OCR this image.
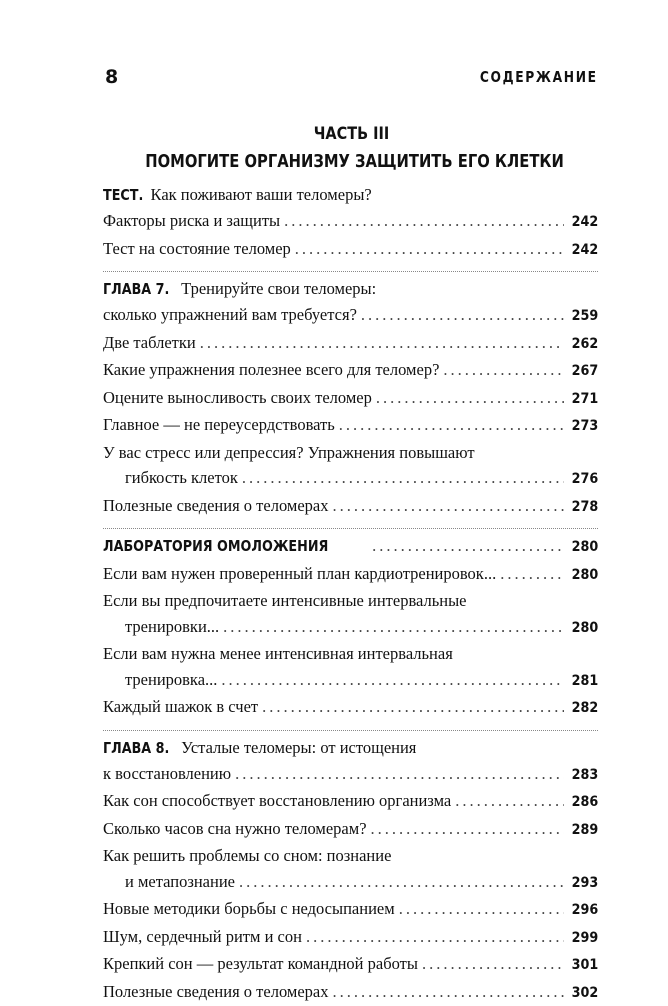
8	СОДЕРЖАНИЕ
ЧАСТЬ III
ПОМОГИТЕ ОРГАНИЗМУ ЗАЩИТИТЬ ЕГО КЛЕТКИ
ТЕСТ. Как поживают ваши теломеры?
Факторы риска и защиты .....	242
Тест на состояние теломер .....	242
ГЛАВА 7. Тренируйте свои теломеры:
сколько упражнений вам требуется? .....	259
Две таблетки .....	262
Какие упражнения полезнее всего для теломер? .....	267
Оцените выносливость своих теломер .....	271
Главное — не переусердствовать .....	273
У вас стресс или депрессия? Упражнения повышают
гибкость клеток .....	276
Полезные сведения о теломерах .....	278
ЛАБОРАТОРИЯ ОМОЛОЖЕНИЯ .....	280
Если вам нужен проверенный план кардиотренировок... .....	280
Если вы предпочитаете интенсивные интервальные
тренировки... .....	280
Если вам нужна менее интенсивная интервальная
тренировка... .....	281
Каждый шажок в счет .....	282
ГЛАВА 8. Усталые теломеры: от истощения
к восстановлению .....	283
Как сон способствует восстановлению организма .....	286
Сколько часов сна нужно теломерам? .....	289
Как решить проблемы со сном: познание
и метапознание .....	293
Новые методики борьбы с недосыпанием .....	296
Шум, сердечный ритм и сон .....	299
Крепкий сон — результат командной работы .....	301
Полезные сведения о теломерах .....	302
